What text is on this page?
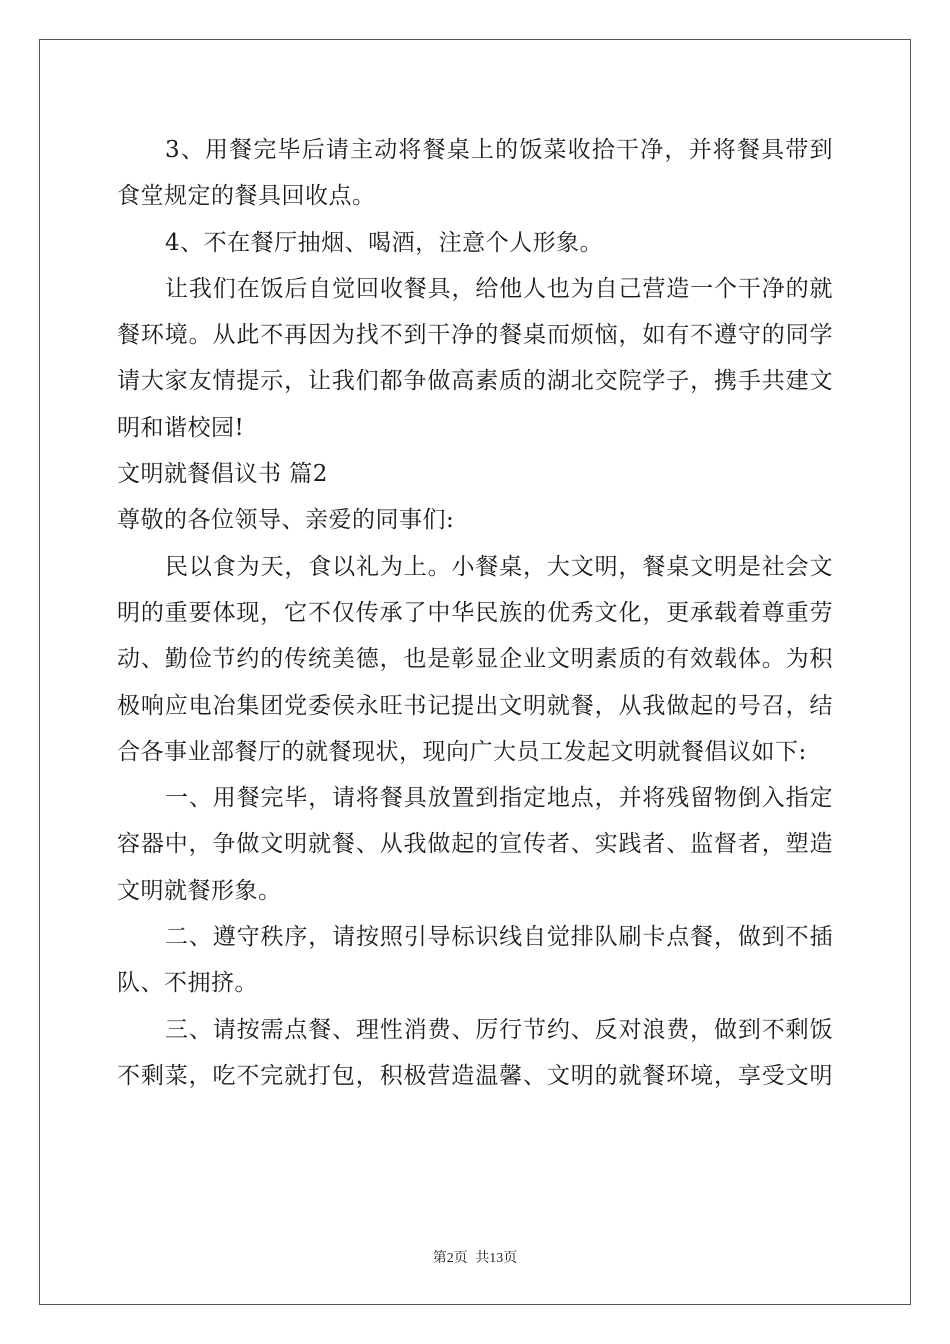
3、用餐完毕后请主动将餐桌上的饭菜收拾干净，并将餐具带到
食堂规定的餐具回收点。
4、不在餐厅抽烟、喝酒，注意个人形象。
让我们在饭后自觉回收餐具，给他人也为自己营造一个干净的就
餐环境。从此不再因为找不到干净的餐桌而烦恼，如有不遵守的同学
请大家友情提示，让我们都争做高素质的湖北交院学子，携手共建文
明和谐校园!
文明就餐倡议书 篇2
尊敬的各位领导、亲爱的同事们:
民以食为天，食以礼为上。小餐桌，大文明，餐桌文明是社会文
明的重要体现，它不仅传承了中华民族的优秀文化，更承载着尊重劳
动、勤俭节约的传统美德，也是彰显企业文明素质的有效载体。为积
极响应电冶集团党委侯永旺书记提出文明就餐，从我做起的号召，结
合各事业部餐厅的就餐现状，现向广大员工发起文明就餐倡议如下:
一、用餐完毕，请将餐具放置到指定地点，并将残留物倒入指定
容器中，争做文明就餐、从我做起的宣传者、实践者、监督者，塑造
文明就餐形象。
二、遵守秩序，请按照引导标识线自觉排队刷卡点餐，做到不插
队、不拥挤。
三、请按需点餐、理性消费、厉行节约、反对浪费，做到不剩饭
不剩菜，吃不完就打包，积极营造温馨、文明的就餐环境，享受文明
第2页 共13页
